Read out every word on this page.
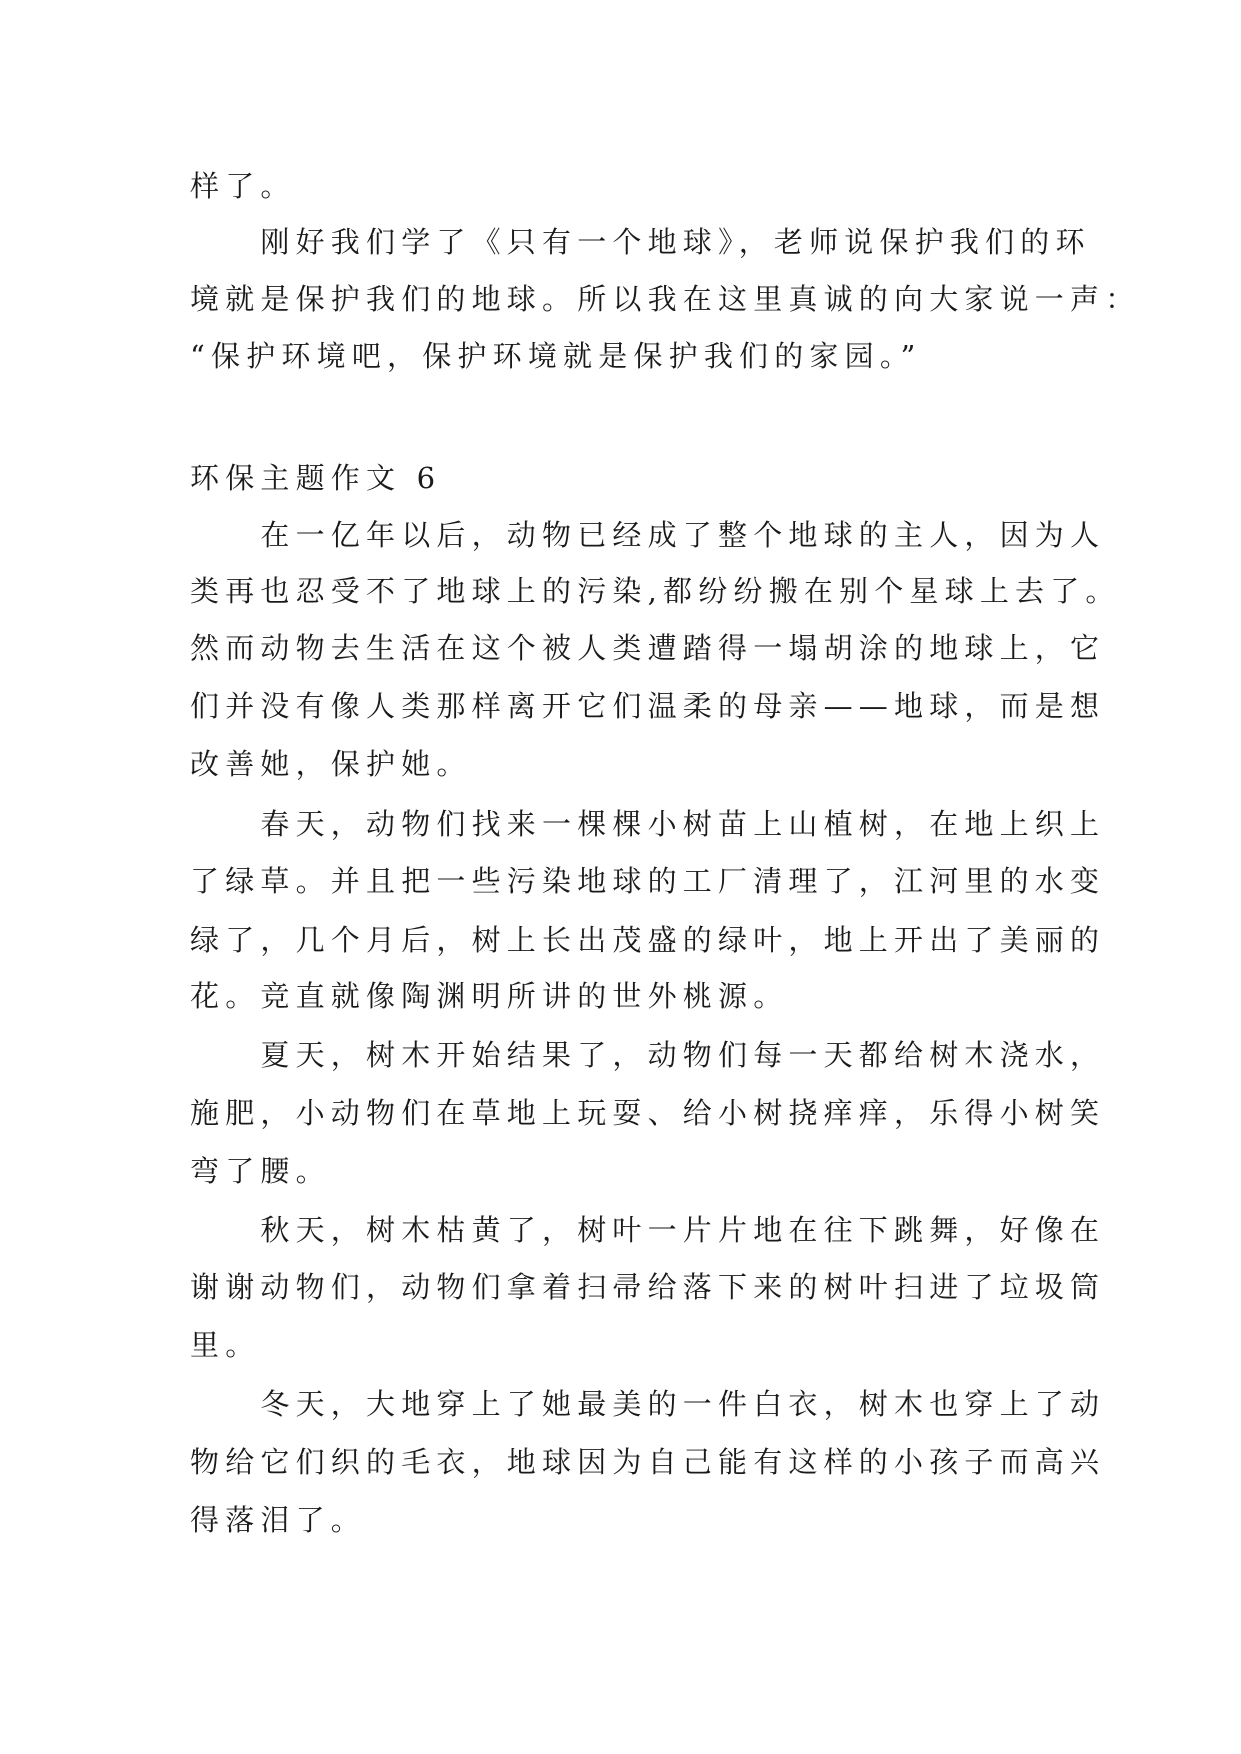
样了。
　　刚好我们学了《只有一个地球》，老师说保护我们的环
境就是保护我们的地球。所以我在这里真诚的向大家说一声：
“保护环境吧，保护环境就是保护我们的家园。”
环保主题作文 6
　　在一亿年以后，动物已经成了整个地球的主人，因为人
类再也忍受不了地球上的污染,都纷纷搬在别个星球上去了。
然而动物去生活在这个被人类遭踏得一塌胡涂的地球上，它
们并没有像人类那样离开它们温柔的母亲——地球，而是想
改善她，保护她。
　　春天，动物们找来一棵棵小树苗上山植树，在地上织上
了绿草。并且把一些污染地球的工厂清理了，江河里的水变
绿了，几个月后，树上长出茂盛的绿叶，地上开出了美丽的
花。竞直就像陶渊明所讲的世外桃源。
　　夏天，树木开始结果了，动物们每一天都给树木浇水，
施肥，小动物们在草地上玩耍、给小树挠痒痒，乐得小树笑
弯了腰。
　　秋天，树木枯黄了，树叶一片片地在往下跳舞，好像在
谢谢动物们，动物们拿着扫帚给落下来的树叶扫进了垃圾筒
里。
　　冬天，大地穿上了她最美的一件白衣，树木也穿上了动
物给它们织的毛衣，地球因为自己能有这样的小孩子而高兴
得落泪了。
